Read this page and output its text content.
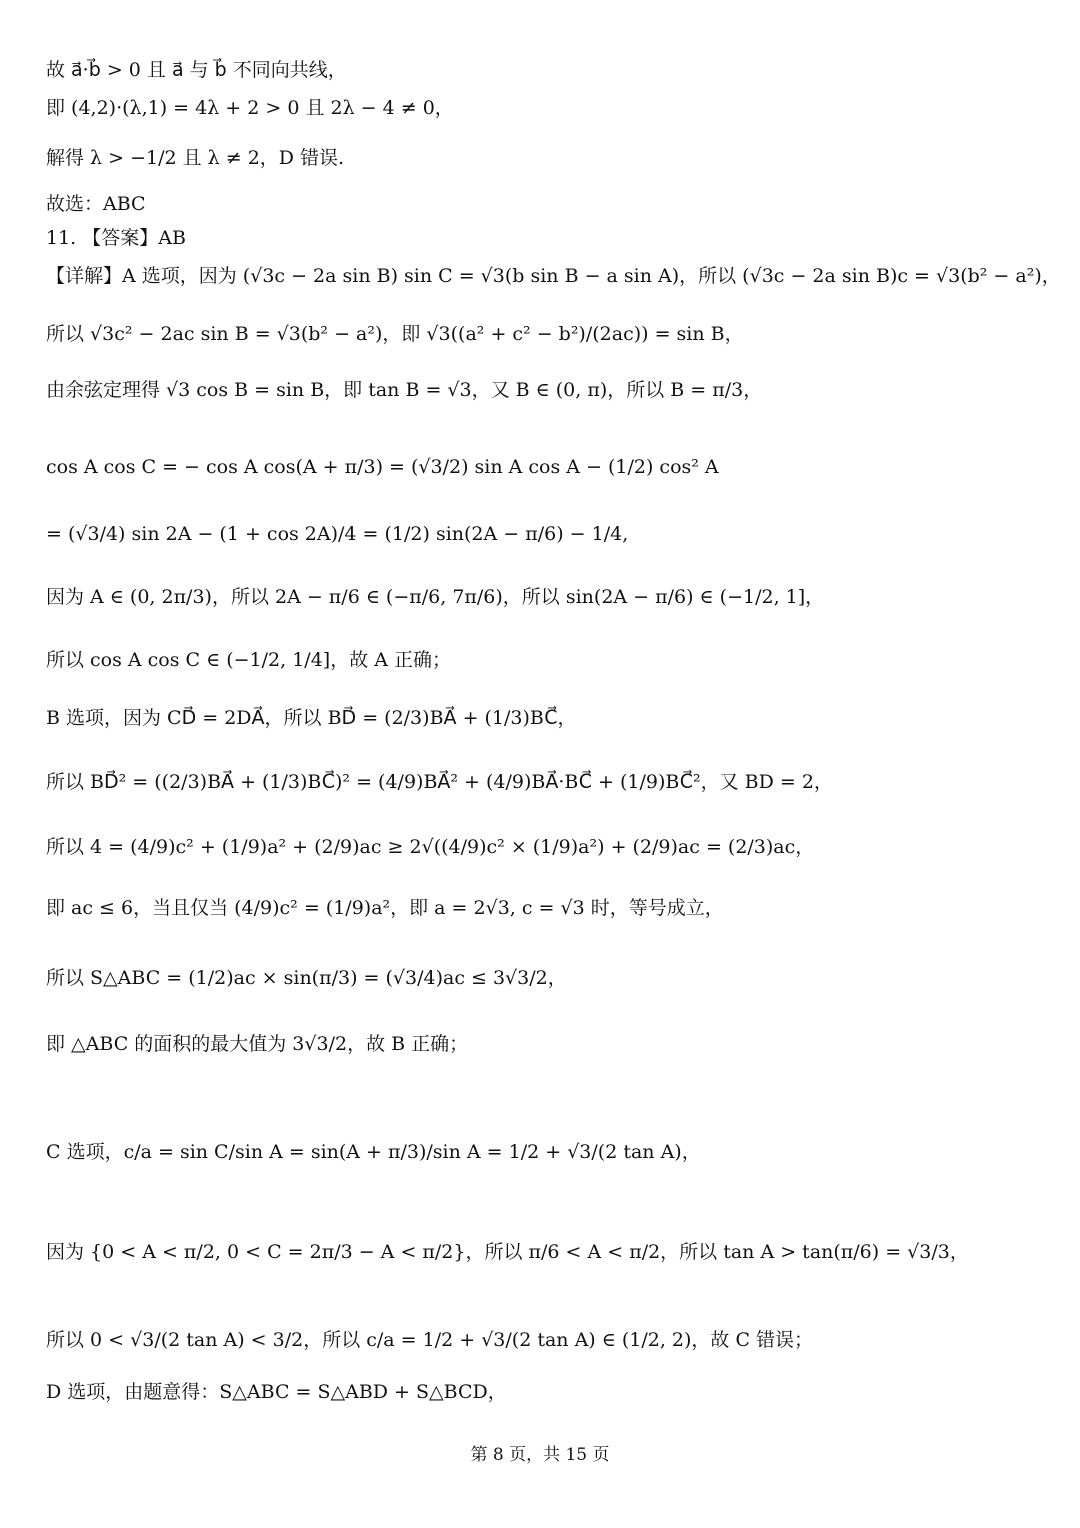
故 a⃗·b⃗ > 0 且 a⃗ 与 b⃗ 不同向共线，
即 (4,2)·(λ,1) = 4λ + 2 > 0 且 2λ − 4 ≠ 0，
解得 λ > −1/2 且 λ ≠ 2，D 错误.
故选：ABC
11. 【答案】AB
【详解】A 选项，因为 (√3c − 2a sin B) sin C = √3(b sin B − a sin A)，所以 (√3c − 2a sin B)c = √3(b² − a²)，
所以 √3c² − 2ac sin B = √3(b² − a²)，即 √3((a² + c² − b²)/(2ac)) = sin B，
由余弦定理得 √3 cos B = sin B，即 tan B = √3，又 B ∈ (0, π)，所以 B = π/3，
cos A cos C = − cos A cos(A + π/3) = (√3/2) sin A cos A − (1/2) cos² A
= (√3/4) sin 2A − (1 + cos 2A)/4 = (1/2) sin(2A − π/6) − 1/4,
因为 A ∈ (0, 2π/3)，所以 2A − π/6 ∈ (−π/6, 7π/6)，所以 sin(2A − π/6) ∈ (−1/2, 1]，
所以 cos A cos C ∈ (−1/2, 1/4]，故 A 正确；
B 选项，因为 CD⃗ = 2DA⃗，所以 BD⃗ = (2/3)BA⃗ + (1/3)BC⃗，
所以 BD⃗² = ((2/3)BA⃗ + (1/3)BC⃗)² = (4/9)BA⃗² + (4/9)BA⃗·BC⃗ + (1/9)BC⃗²，又 BD = 2，
所以 4 = (4/9)c² + (1/9)a² + (2/9)ac ≥ 2√((4/9)c² × (1/9)a²) + (2/9)ac = (2/3)ac，
即 ac ≤ 6，当且仅当 (4/9)c² = (1/9)a²，即 a = 2√3, c = √3 时，等号成立，
所以 S△ABC = (1/2)ac × sin(π/3) = (√3/4)ac ≤ 3√3/2，
即 △ABC 的面积的最大值为 3√3/2，故 B 正确；
C 选项，c/a = sin C/sin A = sin(A + π/3)/sin A = 1/2 + √3/(2 tan A)，
因为 {0 < A < π/2, 0 < C = 2π/3 − A < π/2}，所以 π/6 < A < π/2，所以 tan A > tan(π/6) = √3/3，
所以 0 < √3/(2 tan A) < 3/2，所以 c/a = 1/2 + √3/(2 tan A) ∈ (1/2, 2)，故 C 错误；
D 选项，由题意得：S△ABC = S△ABD + S△BCD，
第 8 页，共 15 页
